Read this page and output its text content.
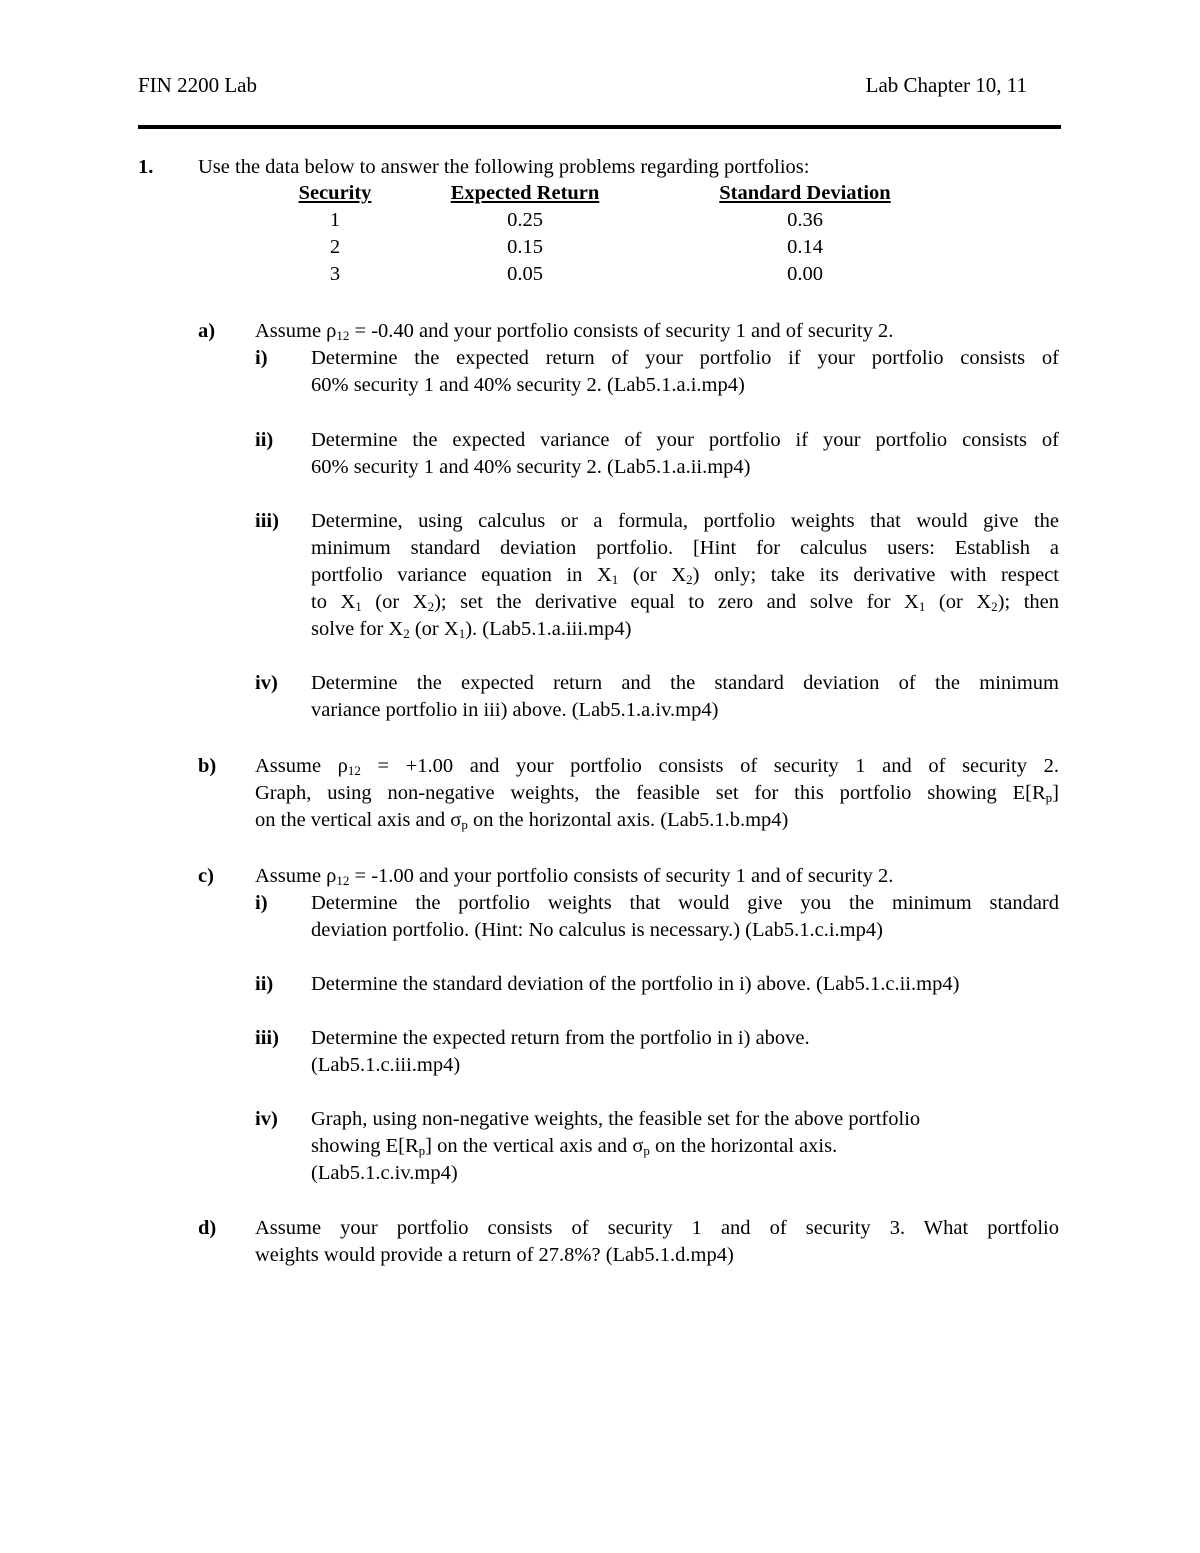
FIN 2200 Lab	Lab Chapter 10, 11
1. Use the data below to answer the following problems regarding portfolios:
Security	Expected Return	Standard Deviation
1	0.25	0.36
2	0.15	0.14
3	0.05	0.00
a) Assume $\rho_{12} = -0.40$ and your portfolio consists of security 1 and of security 2.
i) Determine the expected return of your portfolio if your portfolio consists of
60% security 1 and 40% security 2. (Lab5.1.a.i.mp4)
ii) Determine the expected variance of your portfolio if your portfolio consists of
60% security 1 and 40% security 2. (Lab5.1.a.ii.mp4)
iii) Determine, using calculus or a formula, portfolio weights that would give the
minimum standard deviation portfolio. [Hint for calculus users: Establish a
portfolio variance equation in $X_1$ (or $X_2$) only; take its derivative with respect
to $X_1$ (or $X_2$); set the derivative equal to zero and solve for $X_1$ (or $X_2$); then
solve for $X_2$ (or $X_1$). (Lab5.1.a.iii.mp4)
iv) Determine the expected return and the standard deviation of the minimum
variance portfolio in iii) above. (Lab5.1.a.iv.mp4)
b) Assume $\rho_{12} = +1.00$ and your portfolio consists of security 1 and of security 2.
Graph, using non-negative weights, the feasible set for this portfolio showing $E[R_p]$
on the vertical axis and $\sigma_p$ on the horizontal axis. (Lab5.1.b.mp4)
c) Assume $\rho_{12} = -1.00$ and your portfolio consists of security 1 and of security 2.
i) Determine the portfolio weights that would give you the minimum standard
deviation portfolio. (Hint: No calculus is necessary.) (Lab5.1.c.i.mp4)
ii) Determine the standard deviation of the portfolio in i) above. (Lab5.1.c.ii.mp4)
iii) Determine the expected return from the portfolio in i) above.
(Lab5.1.c.iii.mp4)
iv) Graph, using non-negative weights, the feasible set for the above portfolio
showing $E[R_p]$ on the vertical axis and $\sigma_p$ on the horizontal axis.
(Lab5.1.c.iv.mp4)
d) Assume your portfolio consists of security 1 and of security 3. What portfolio
weights would provide a return of 27.8%? (Lab5.1.d.mp4)
